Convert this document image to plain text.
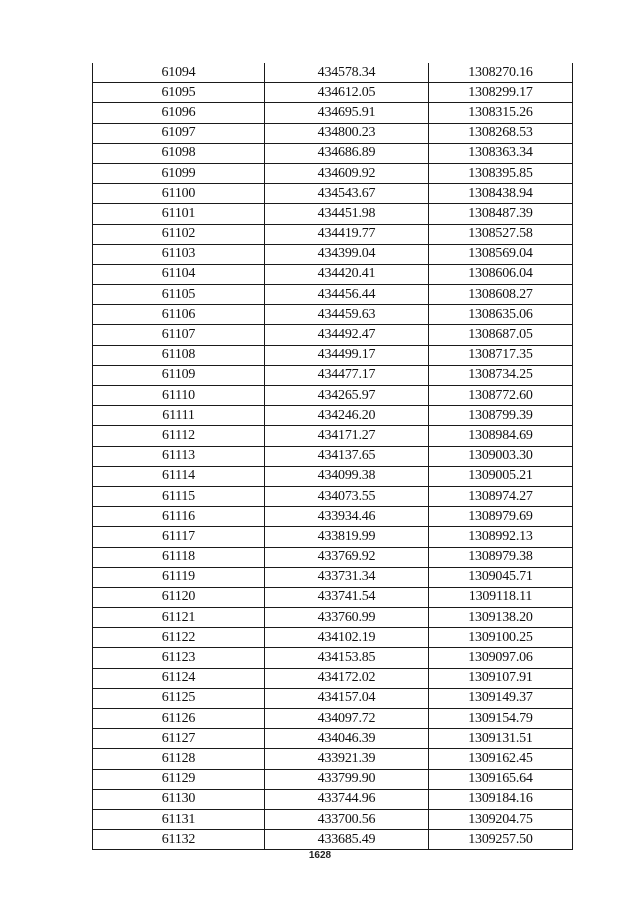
61094	434578.34	1308270.16
61095	434612.05	1308299.17
61096	434695.91	1308315.26
61097	434800.23	1308268.53
61098	434686.89	1308363.34
61099	434609.92	1308395.85
61100	434543.67	1308438.94
61101	434451.98	1308487.39
61102	434419.77	1308527.58
61103	434399.04	1308569.04
61104	434420.41	1308606.04
61105	434456.44	1308608.27
61106	434459.63	1308635.06
61107	434492.47	1308687.05
61108	434499.17	1308717.35
61109	434477.17	1308734.25
61110	434265.97	1308772.60
61111	434246.20	1308799.39
61112	434171.27	1308984.69
61113	434137.65	1309003.30
61114	434099.38	1309005.21
61115	434073.55	1308974.27
61116	433934.46	1308979.69
61117	433819.99	1308992.13
61118	433769.92	1308979.38
61119	433731.34	1309045.71
61120	433741.54	1309118.11
61121	433760.99	1309138.20
61122	434102.19	1309100.25
61123	434153.85	1309097.06
61124	434172.02	1309107.91
61125	434157.04	1309149.37
61126	434097.72	1309154.79
61127	434046.39	1309131.51
61128	433921.39	1309162.45
61129	433799.90	1309165.64
61130	433744.96	1309184.16
61131	433700.56	1309204.75
61132	433685.49	1309257.50
1628
